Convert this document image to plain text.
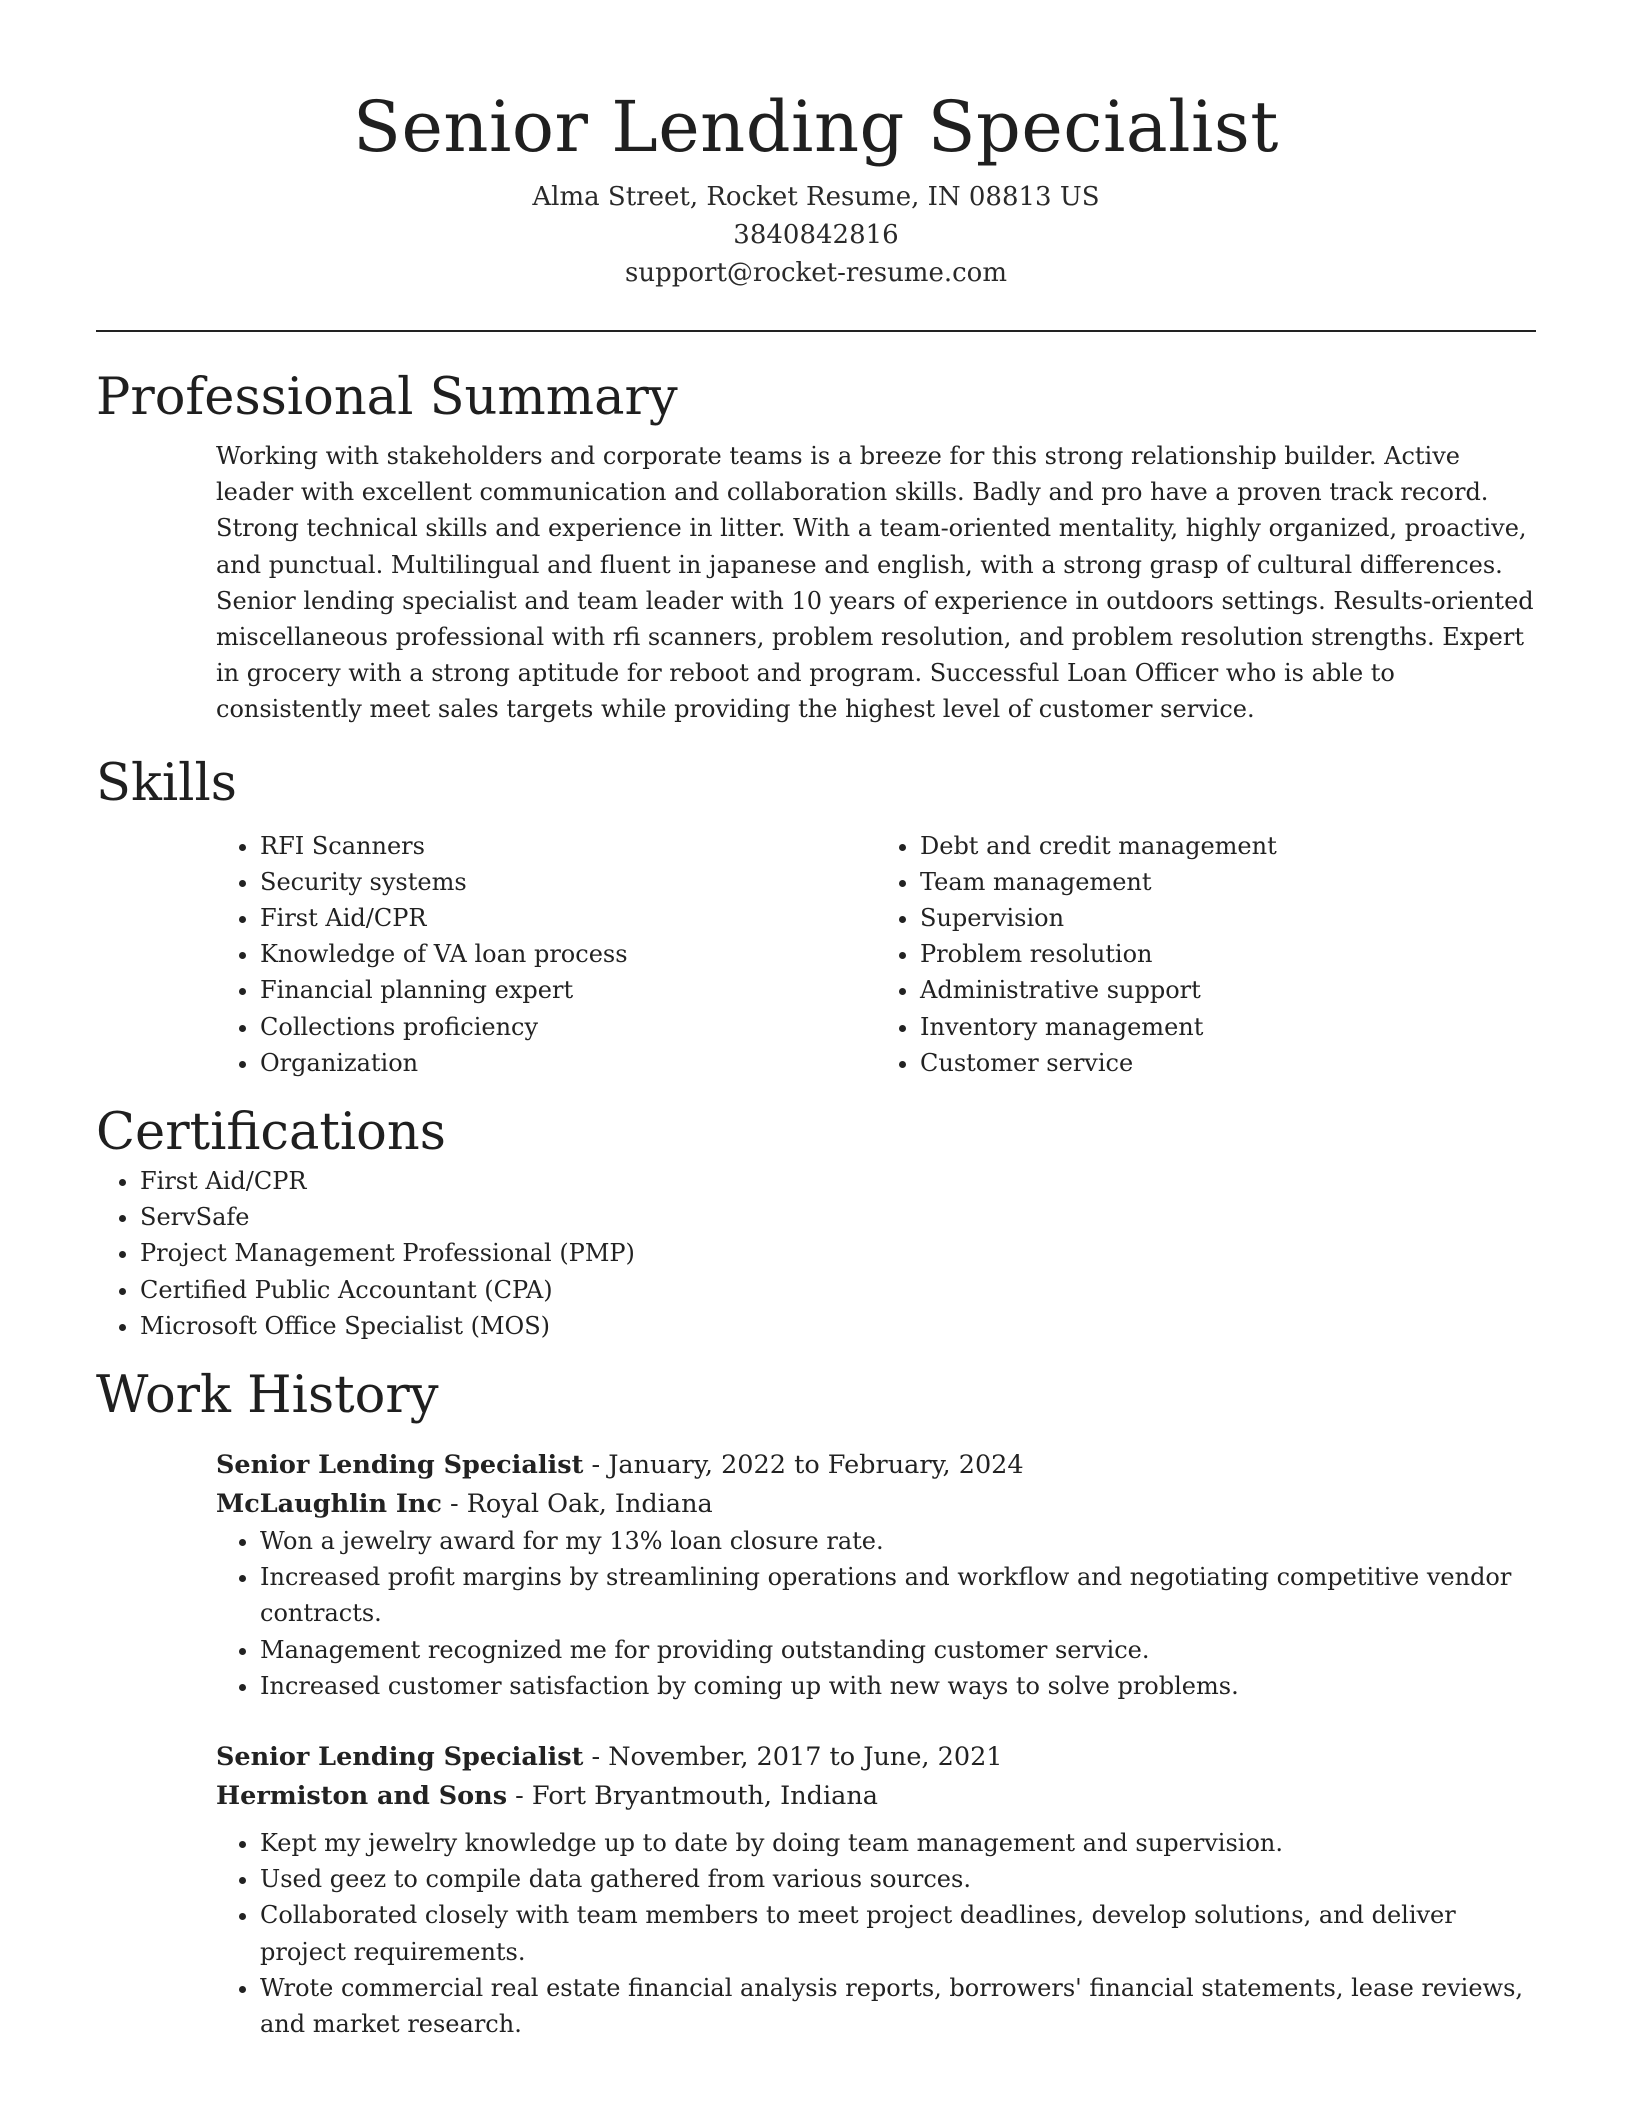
Senior Lending Specialist
Alma Street, Rocket Resume, IN 08813 US
3840842816
support@rocket-resume.com
Professional Summary

Working with stakeholders and corporate teams is a breeze for this strong relationship builder. Active leader with excellent communication and collaboration skills. Badly and pro have a proven track record. Strong technical skills and experience in litter. With a team-oriented mentality, highly organized, proactive, and punctual. Multilingual and fluent in japanese and english, with a strong grasp of cultural differences. Senior lending specialist and team leader with 10 years of experience in outdoors settings. Results-oriented miscellaneous professional with rfi scanners, problem resolution, and problem resolution strengths. Expert in grocery with a strong aptitude for reboot and program. Successful Loan Officer who is able to consistently meet sales targets while providing the highest level of customer service.

Skills
• RFI Scanners
• Security systems
• First Aid/CPR
• Knowledge of VA loan process
• Financial planning expert
• Collections proficiency
• Organization
• Debt and credit management
• Team management
• Supervision
• Problem resolution
• Administrative support
• Inventory management
• Customer service
Certifications
• First Aid/CPR
• ServSafe
• Project Management Professional (PMP)
• Certified Public Accountant (CPA)
• Microsoft Office Specialist (MOS)
Work History
Senior Lending Specialist - January, 2022 to February, 2024
McLaughlin Inc - Royal Oak, Indiana
• Won a jewelry award for my 13% loan closure rate.
• Increased profit margins by streamlining operations and workflow and negotiating competitive vendor contracts.
• Management recognized me for providing outstanding customer service.
• Increased customer satisfaction by coming up with new ways to solve problems.
Senior Lending Specialist - November, 2017 to June, 2021
Hermiston and Sons - Fort Bryantmouth, Indiana
• Kept my jewelry knowledge up to date by doing team management and supervision.
• Used geez to compile data gathered from various sources.
• Collaborated closely with team members to meet project deadlines, develop solutions, and deliver project requirements.
• Wrote commercial real estate financial analysis reports, borrowers' financial statements, lease reviews, and market research.
